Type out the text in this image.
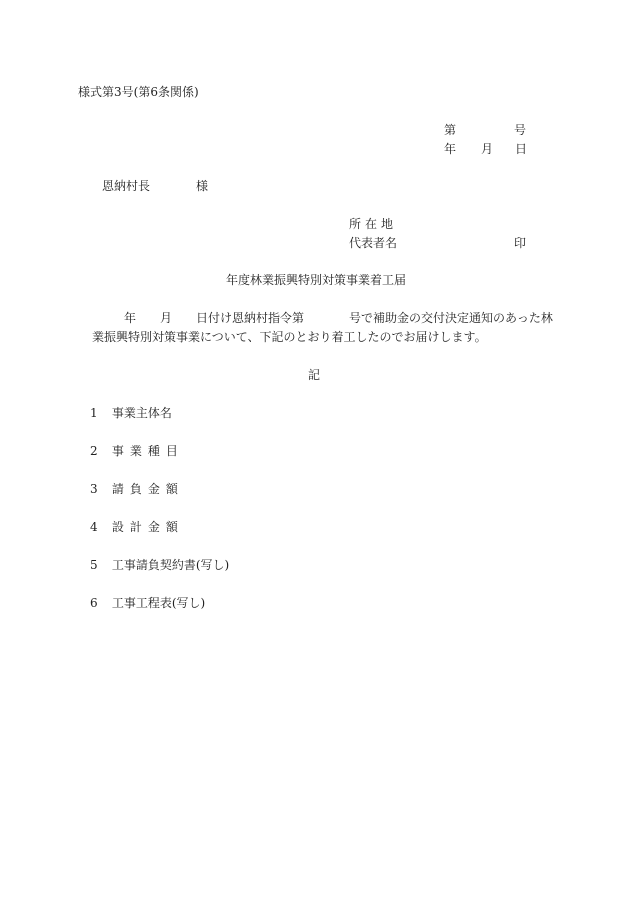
様式第3号(第6条関係)
第	号
年 月 日
恩納村長	様
所在地
代表者名	印
年度林業振興特別対策事業着工届
年 月 日付け恩納村指令第	号で補助金の交付決定通知のあった林
業振興特別対策事業について、下記のとおり着工したのでお届けします。
記
1 事業主体名
2 事業種目
3 請負金額
4 設計金額
5 工事請負契約書(写し)
6 工事工程表(写し)
